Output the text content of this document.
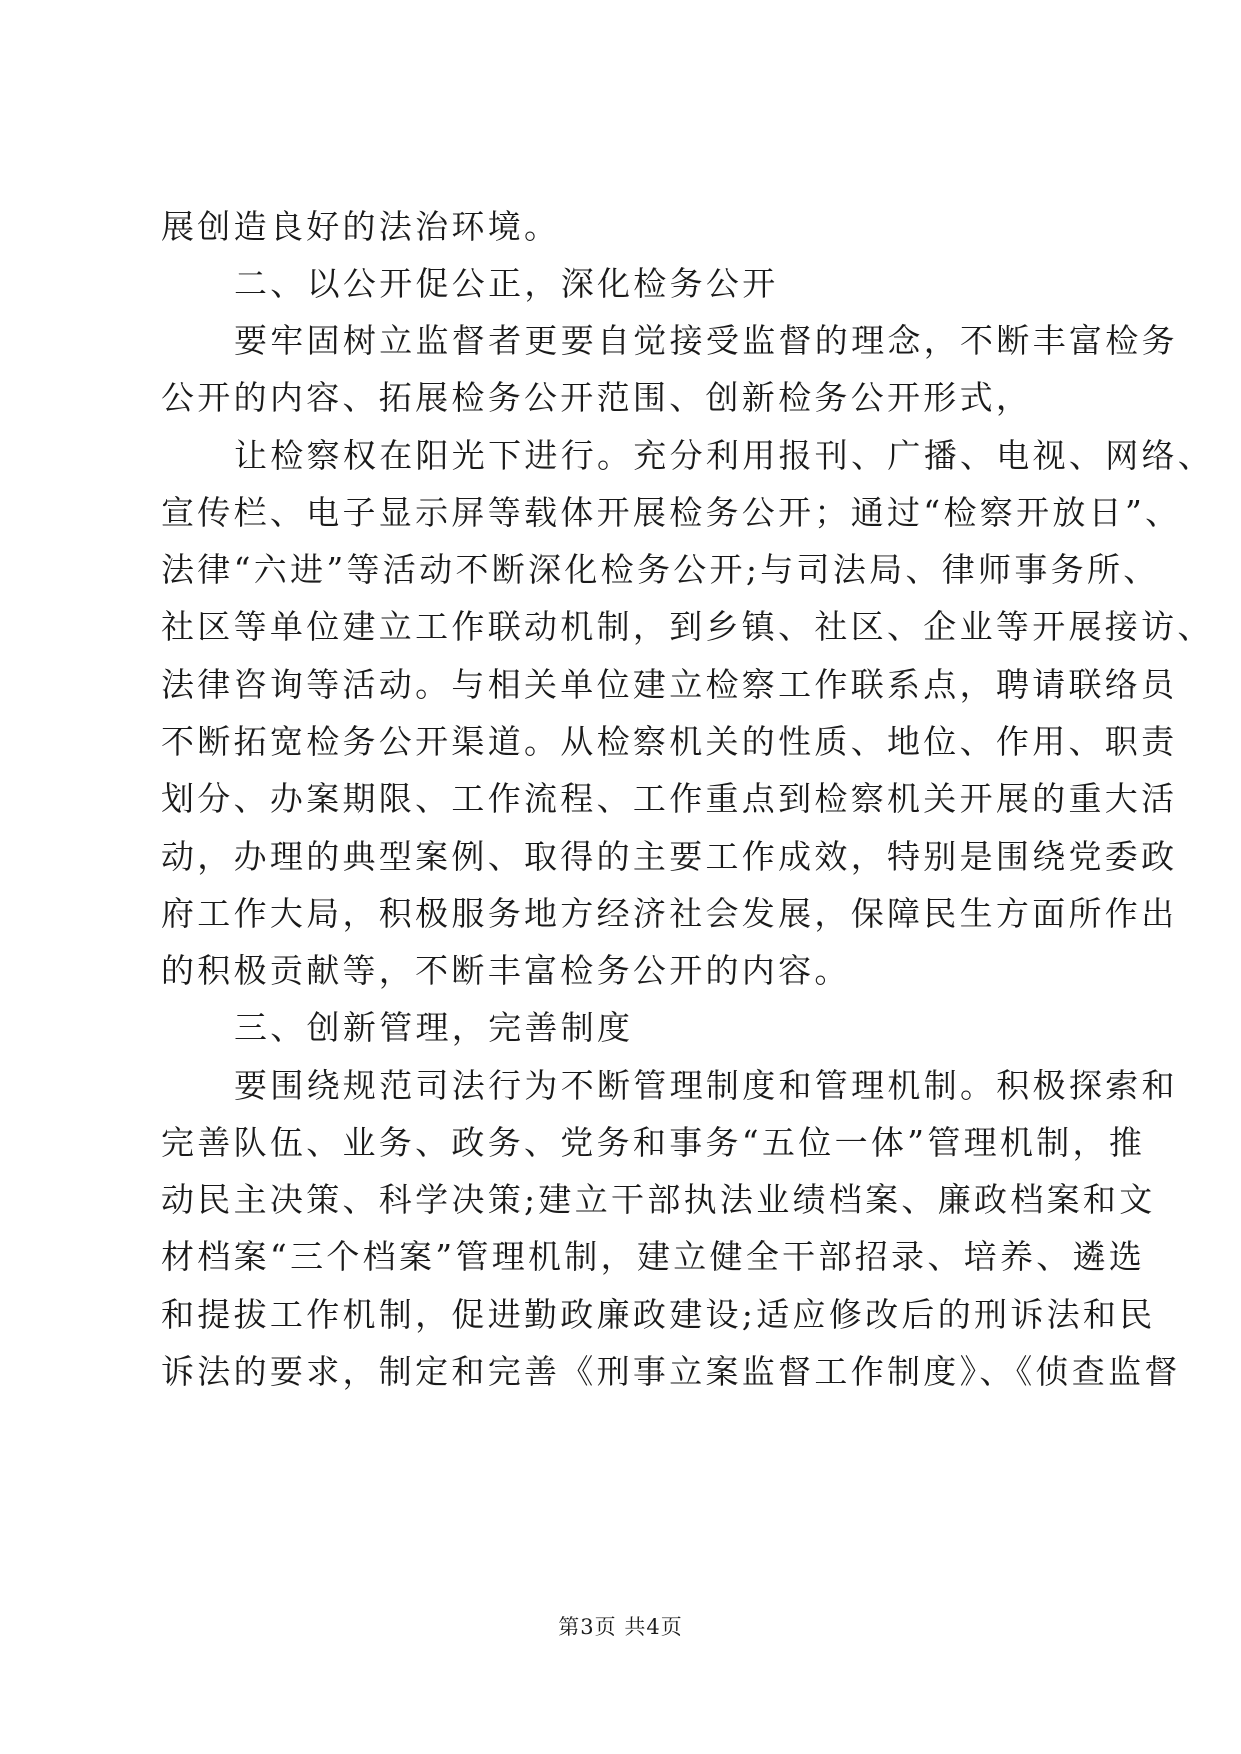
展创造良好的法治环境。
二、以公开促公正，深化检务公开
要牢固树立监督者更要自觉接受监督的理念，不断丰富检务
公开的内容、拓展检务公开范围、创新检务公开形式，
让检察权在阳光下进行。充分利用报刊、广播、电视、网络、
宣传栏、电子显示屏等载体开展检务公开；通过“检察开放日”、
法律“六进”等活动不断深化检务公开;与司法局、律师事务所、
社区等单位建立工作联动机制，到乡镇、社区、企业等开展接访、
法律咨询等活动。与相关单位建立检察工作联系点，聘请联络员
不断拓宽检务公开渠道。从检察机关的性质、地位、作用、职责
划分、办案期限、工作流程、工作重点到检察机关开展的重大活
动，办理的典型案例、取得的主要工作成效，特别是围绕党委政
府工作大局，积极服务地方经济社会发展，保障民生方面所作出
的积极贡献等，不断丰富检务公开的内容。
三、创新管理，完善制度
要围绕规范司法行为不断管理制度和管理机制。积极探索和
完善队伍、业务、政务、党务和事务“五位一体”管理机制，推
动民主决策、科学决策;建立干部执法业绩档案、廉政档案和文
材档案“三个档案”管理机制，建立健全干部招录、培养、遴选
和提拔工作机制，促进勤政廉政建设;适应修改后的刑诉法和民
诉法的要求，制定和完善《刑事立案监督工作制度》、《侦查监督
第3页 共4页
